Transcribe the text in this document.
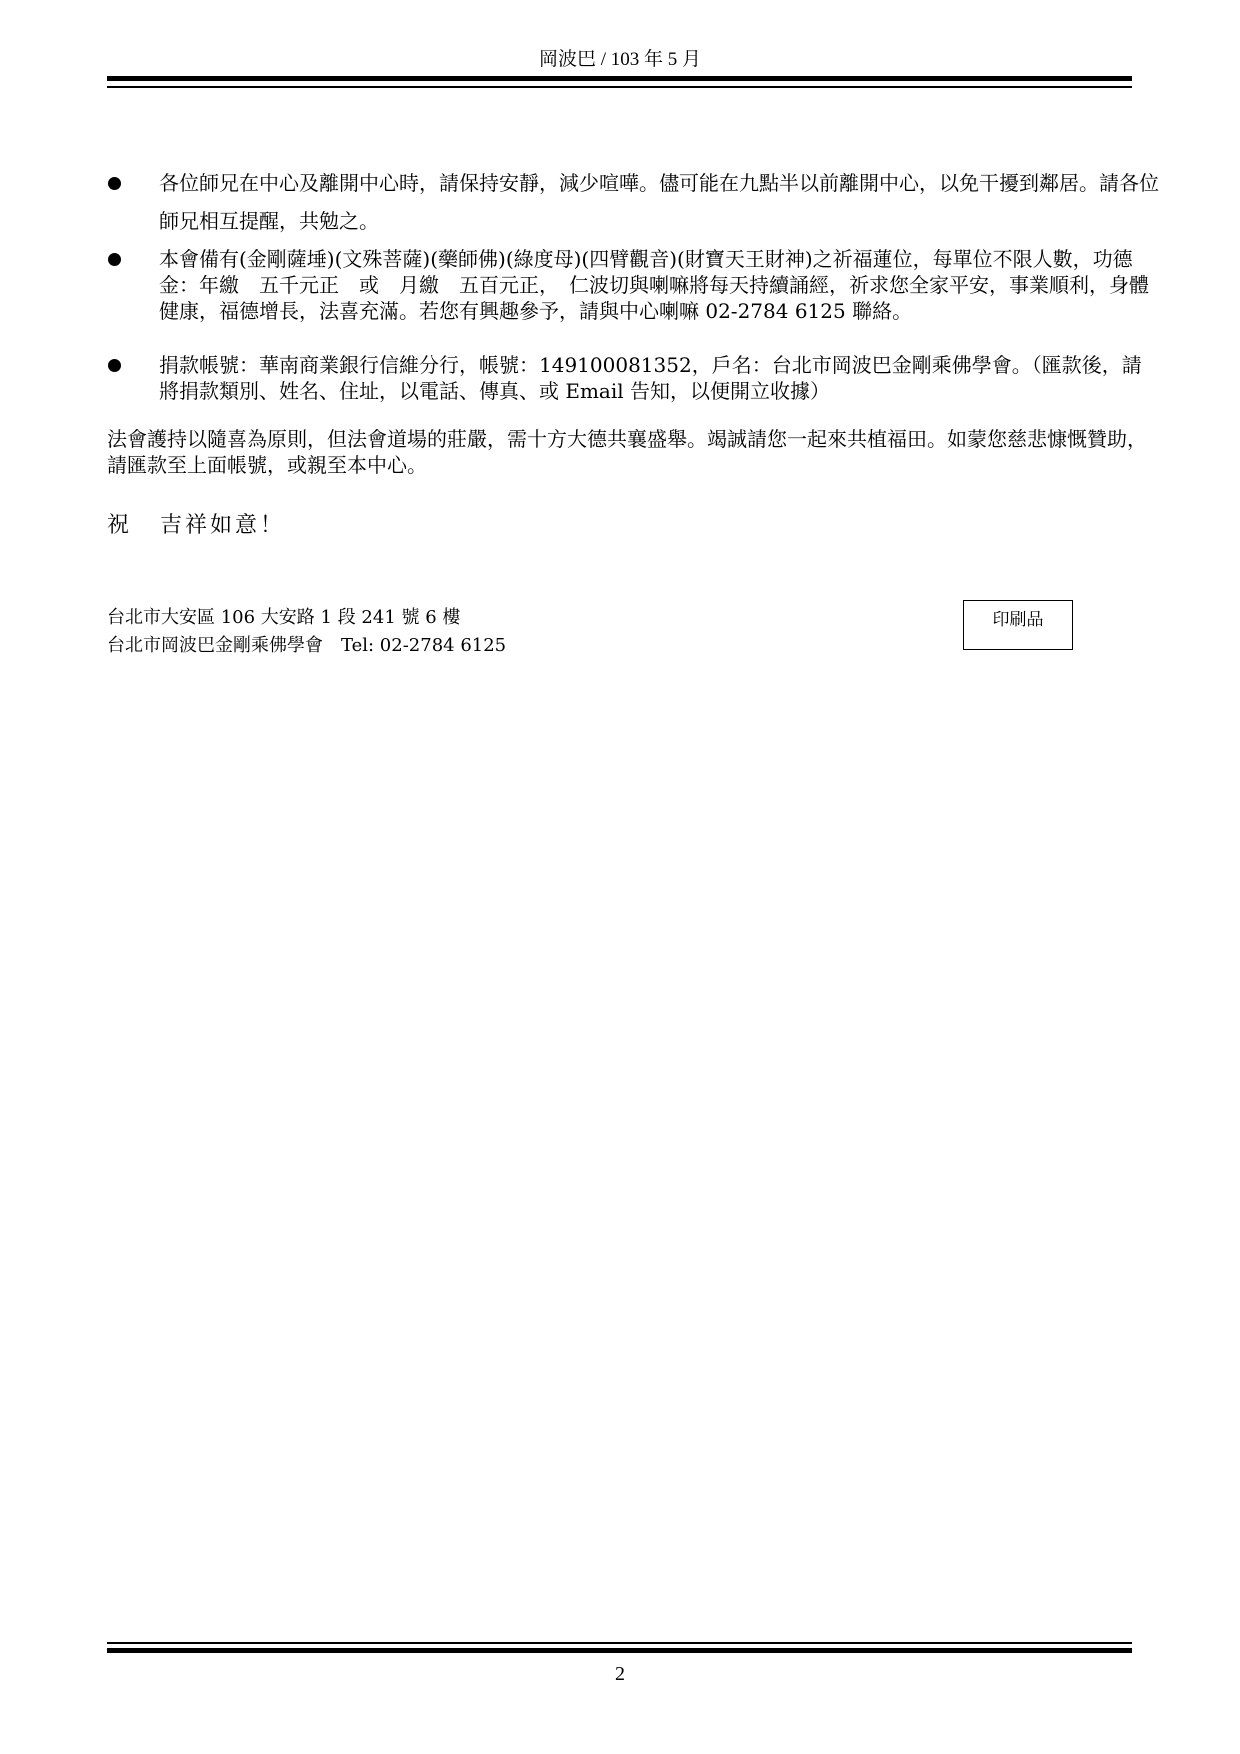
岡波巴 / 103 年 5 月
各位師兄在中心及離開中心時，請保持安靜，減少喧嘩。儘可能在九點半以前離開中心，以免干擾到鄰居。請各位師兄相互提醒，共勉之。
本會備有(金剛薩埵)(文殊菩薩)(藥師佛)(綠度母)(四臂觀音)(財寶天王財神)之祈福蓮位，每單位不限人數，功德金：年繳　五千元正　或　月繳　五百元正，　仁波切與喇嘛將每天持續誦經，祈求您全家平安，事業順利，身體健康，福德增長，法喜充滿。若您有興趣參予，請與中心喇嘛 02-2784 6125 聯絡。
捐款帳號：華南商業銀行信維分行，帳號：149100081352，戶名：台北市岡波巴金剛乘佛學會。（匯款後，請將捐款類別、姓名、住址，以電話、傳真、或 Email 告知，以便開立收據）
法會護持以隨喜為原則，但法會道場的莊嚴，需十方大德共襄盛舉。竭誠請您一起來共植福田。如蒙您慈悲慷慨贊助，請匯款至上面帳號，或親至本中心。
祝 吉祥如意！
台北市大安區 106 大安路 1 段 241 號 6 樓
台北市岡波巴金剛乘佛學會　Tel: 02-2784 6125
印刷品
2
